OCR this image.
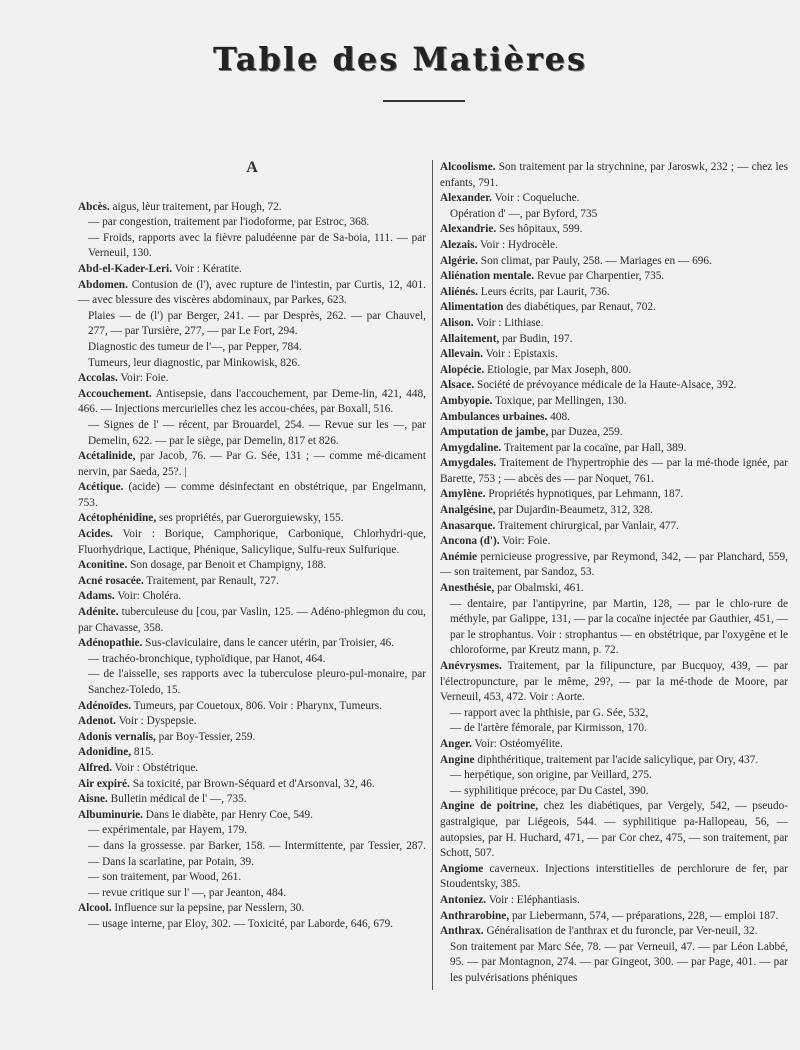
Table des Matières
A

Abcès. aigus, lèur traitement, par Hough, 72.
— par congestion, traitement par l'iodoforme, par Estroc, 368.
— Froids, rapports avec la fièvre paludéenne par de Sa-boia, 111. — par Verneuil, 130.

Abd-el-Kader-Leri. Voir : Kératite.

Abdomen. Contusion de (l'), avec rupture de l'intestin, par Curtis, 12, 401. — avec blessure des viscères abdominaux, par Parkes, 623.
Plaies — de (l') par Berger, 241. — par Desprès, 262. — par Chauvel, 277, — par Tursière, 277, — par Le Fort, 294.
Diagnostic des tumeur de l'—, par Pepper, 784.
Tumeurs, leur diagnostic, par Minkowisk, 826.

Accolas. Voir: Foie.

Accouchement. Antisepsie, dans l'accouchement, par Deme-lin, 421, 448, 466. — Injections mercurielles chez les accou-chées, par Boxall, 516.
— Signes de l' — récent, par Brouardel, 254. — Revue sur les —, par Demelin, 622. — par le siège, par Demelin, 817 et 826.

Acétalinide, par Jacob, 76. — Par G. Sée, 131 ; — comme mé-dicament nervin, par Saeda, 25?. |

Acétique. (acide) — comme désinfectant en obstétrique, par Engelmann, 753.

Acétophénidine, ses propriétés, par Guerorguiewsky, 155.

Acides. Voir : Borique, Camphorique, Carbonique, Chlorhydri-que, Fluorhydrique, Lactique, Phénique, Salicylique, Sulfu-reux Sulfurique.

Aconitine. Son dosage, par Benoit et Champigny, 188.

Acné rosacée. Traitement, par Renault, 727.

Adams. Voir: Choléra.

Adénite. tuberculeuse du [cou, par Vaslin, 125. — Adéno-phlegmon du cou, par Chavasse, 358.

Adénopathie. Sus-claviculaire, dans le cancer utérin, par Troisier, 46.
— trachéo-bronchique, typhoïdique, par Hanot, 464.
— de l'aisselle, ses rapports avec la tuberculose pleuro-pul-monaire, par Sanchez-Toledo, 15.

Adénoïdes. Tumeurs, par Couetoux, 806. Voir : Pharynx, Tumeurs.

Adenot. Voir : Dyspepsie.

Adonis vernalis, par Boy-Tessier, 259.

Adonidine, 815.

Alfred. Voir : Obstétrique.

Air expiré. Sa toxicité, par Brown-Séquard et d'Arsonval, 32, 46.

Aisne. Bulletin médical de l' —, 735.

Albuminurie. Dans le diabète, par Henry Coe, 549.
— expérimentale, par Hayem, 179.
— dans la grossesse. par Barker, 158. — Intermittente, par Tessier, 287. — Dans la scarlatine, par Potain, 39.
— son traitement, par Wood, 261.
— revue critique sur l' —, par Jeanton, 484.

Alcool. Influence sur la pepsine, par Nesslern, 30.
— usage interne, par Eloy, 302. — Toxicité, par Laborde, 646, 679.

Alcoolisme. Son traitement par la strychnine, par Jaroswk, 232 ; — chez les enfants, 791.

Alexander. Voir : Coqueluche.
Opération d' —, par Byford, 735

Alexandrie. Ses hôpitaux, 599.

Alezais. Voir : Hydrocèle.

Algérie. Son climat, par Pauly, 258. — Mariages en — 696.

Aliénation mentale. Revue par Charpentier, 735.

Aliénés. Leurs écrits, par Laurit, 736.

Alimentation des diabétiques, par Renaut, 702.

Alison. Voir : Lithiase.

Allaitement, par Budin, 197.

Allevain. Voir : Epistaxis.

Alopécie. Etiologie, par Max Joseph, 800.

Alsace. Société de prévoyance médicale de la Haute-Alsace, 392.

Ambyopie. Toxique, par Mellingen, 130.

Ambulances urbaines. 408.

Amputation de jambe, par Duzea, 259.

Amygdaline. Traitement par la cocaïne, par Hall, 389.

Amygdales. Traitement de l'hypertrophie des — par la mé-thode ignée, par Barette, 753 ; — abcès des — par Noquet, 761.

Amylène. Propriétés hypnotiques, par Lehmann, 187.

Analgésine, par Dujardin-Beaumetz, 312, 328.

Anasarque. Traitement chirurgical, par Vanlair, 477.

Ancona (d'). Voir: Foie.

Anémie pernicieuse progressive, par Reymond, 342, — par Planchard, 559, — son traitement, par Sandoz, 53.

Anesthésie, par Obalmski, 461.
— dentaire, par l'antipyrine, par Martin, 128, — par le chlo-rure de méthyle, par Galippe, 131, — par la cocaïne injectée par Gauthier, 451, — par le strophantus. Voir : strophantus — en obstétrique, par l'oxygène et le chloroforme, par Kreutz mann, p. 72.

Anévrysmes. Traitement, par la filipuncture, par Bucquoy, 439, — par l'électropuncture, par le même, 29?, — par la mé-thode de Moore, par Verneuil, 453, 472. Voir : Aorte.
— rapport avec la phthisie, par G. Sée, 532,
— de l'artère fémorale, par Kirmisson, 170.

Anger. Voir: Ostéomyélite.

Angine diphthéritique, traitement par l'acide salicylique, par Ory, 437.
— herpétique, son origine, par Veillard, 275.
— syphilitique précoce, par Du Castel, 390.

Angine de poitrine, chez les diabétiques, par Vergely, 542, — pseudo-gastralgique, par Liégeois, 544. — syphilitique pa-Hallopeau, 56, — autopsies, par H. Huchard, 471, — par Cor chez, 475, — son traitement, par Schott, 507.

Angiome caverneux. Injections interstitielles de perchlorure de fer, par Stoudentsky, 385.

Antoniez. Voir : Eléphantiasis.

Anthrarobine, par Liebermann, 574, — préparations, 228, — emploi 187.

Anthrax. Généralisation de l'anthrax et du furoncle, par Ver-neuil, 32.
Son traitement par Marc Sée, 78. — par Verneuil, 47. — par Léon Labbé, 95. — par Montagnon, 274. — par Gingeot, 300. — par Page, 401. — par les pulvérisations phéniques
